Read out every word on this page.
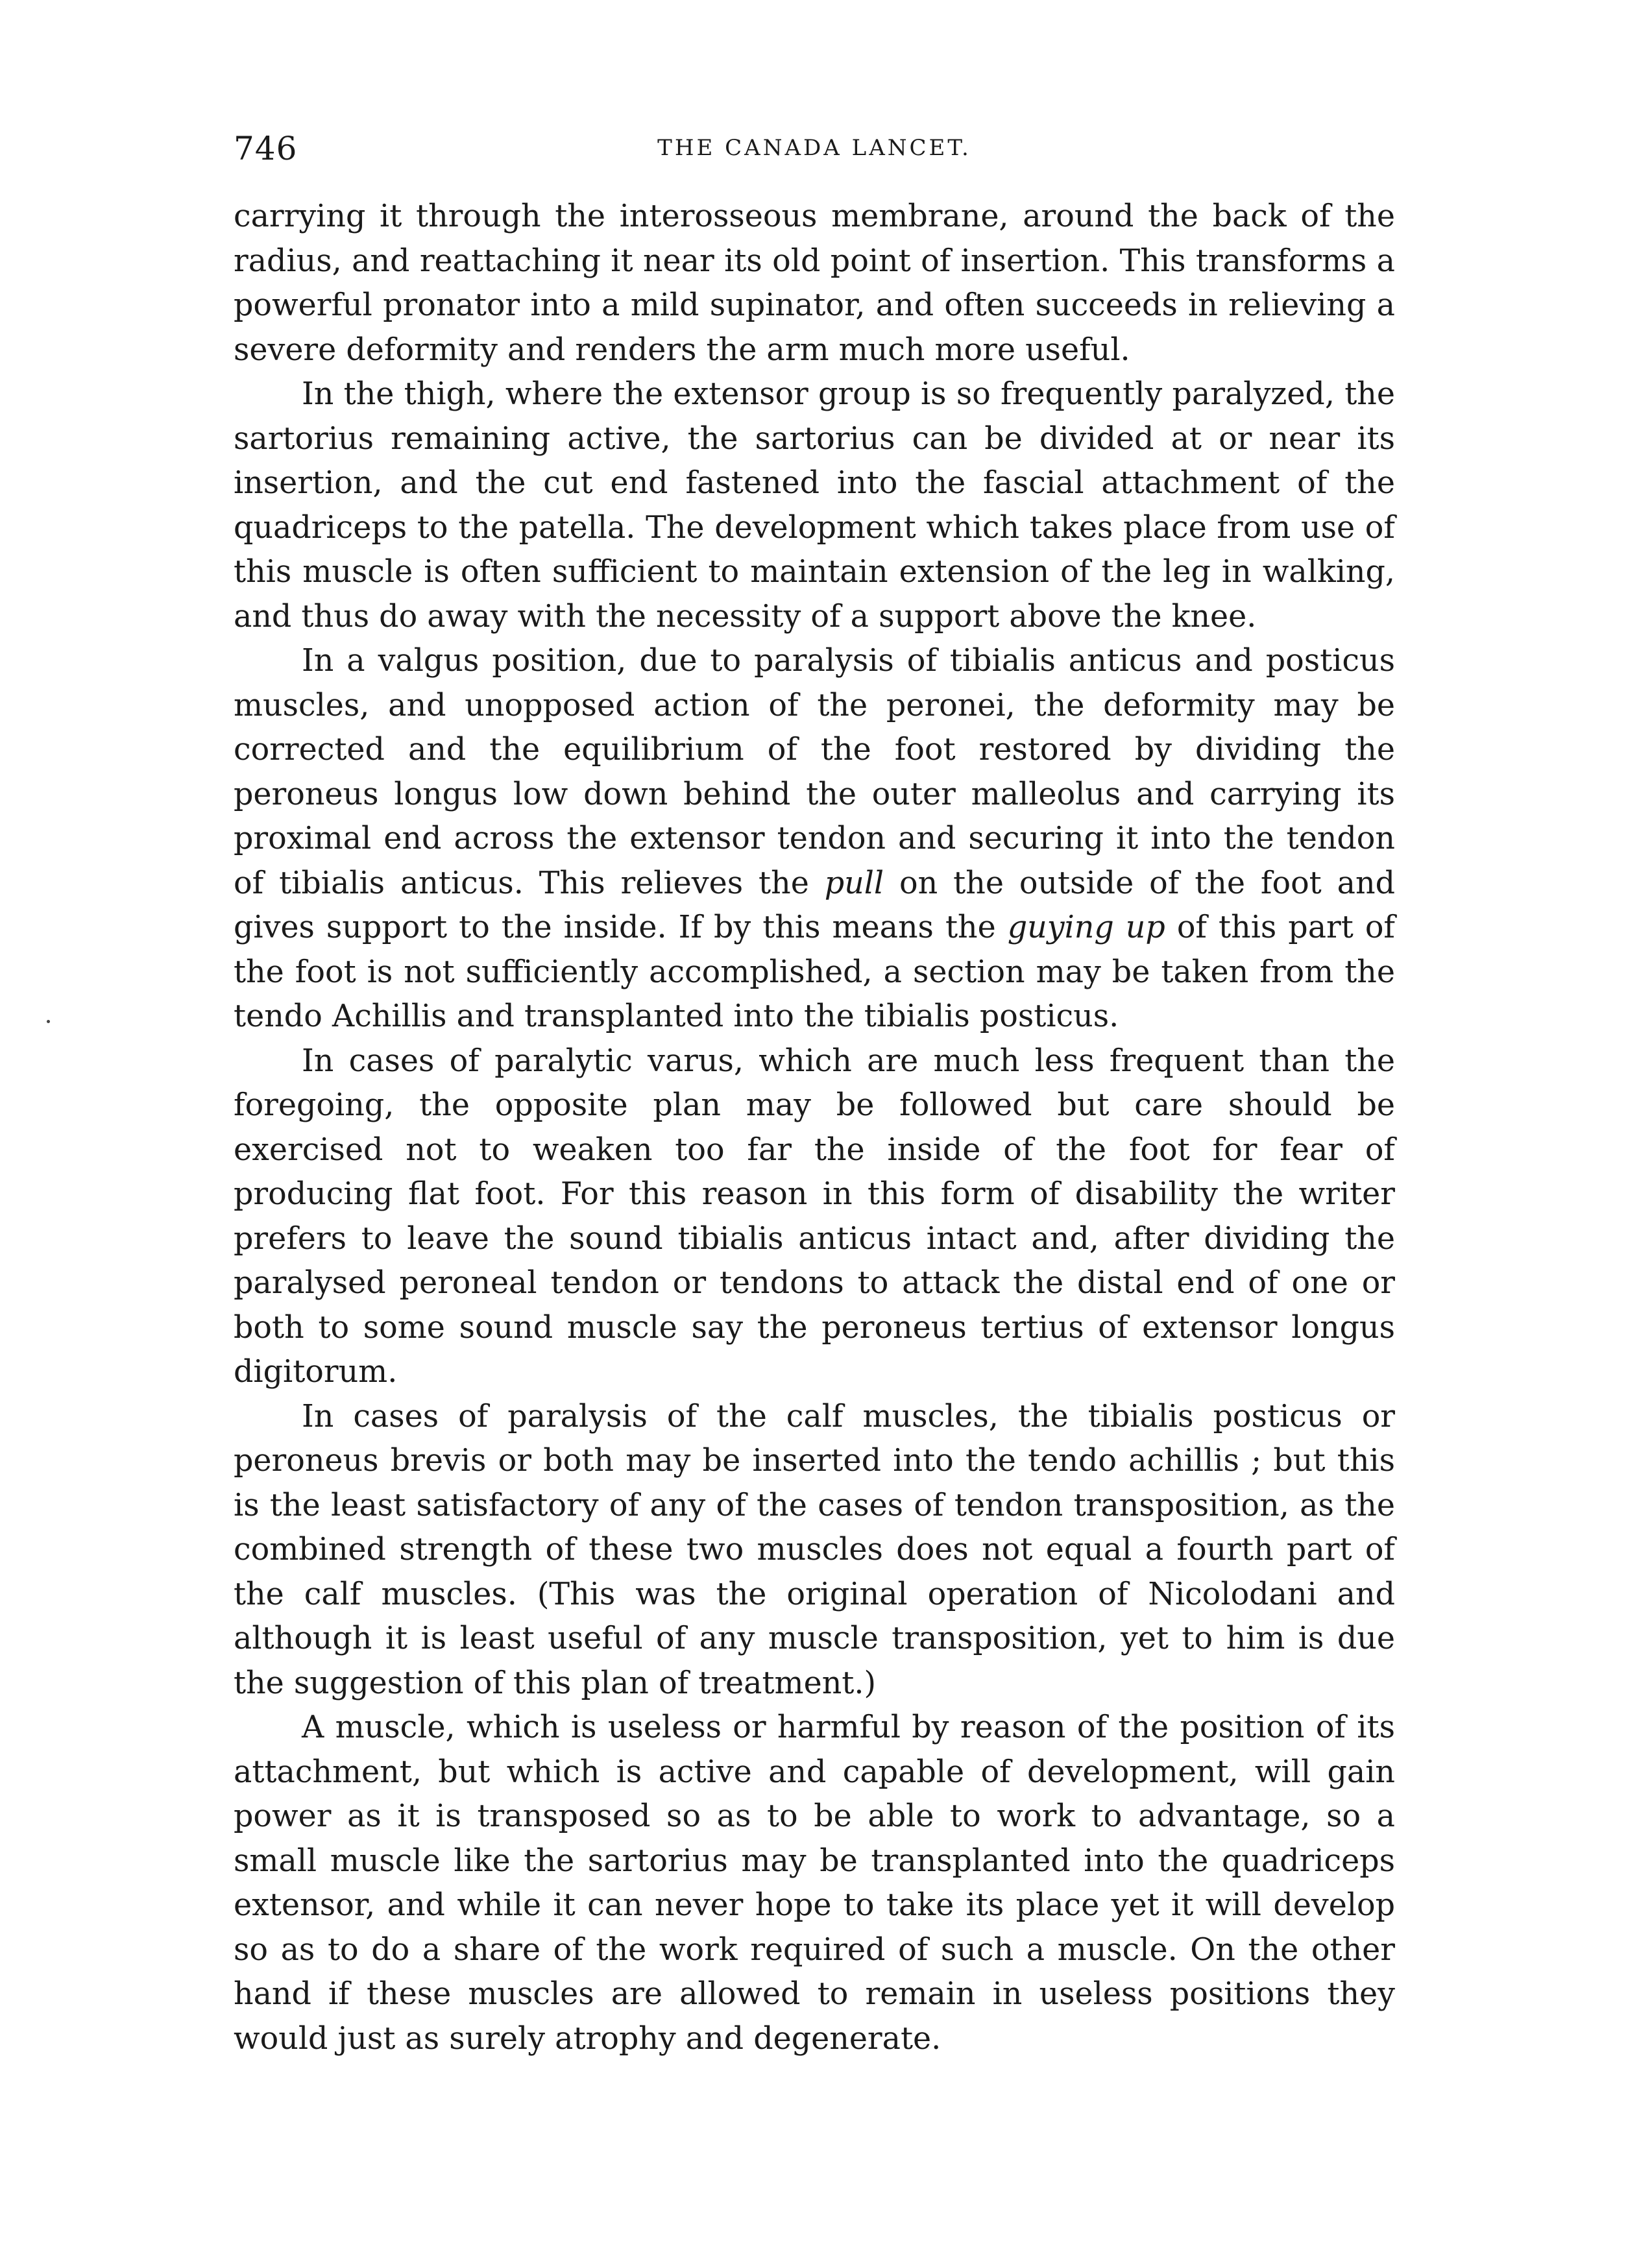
746	THE CANADA LANCET.

carrying it through the interosseous membrane, around the back of the radius, and reattaching it near its old point of insertion. This transforms a powerful pronator into a mild supinator, and often succeeds in relieving a severe deformity and renders the arm much more useful.

In the thigh, where the extensor group is so frequently paralyzed, the sartorius remaining active, the sartorius can be divided at or near its insertion, and the cut end fastened into the fascial attachment of the quadriceps to the patella. The development which takes place from use of this muscle is often sufficient to maintain extension of the leg in walking, and thus do away with the necessity of a support above the knee.

In a valgus position, due to paralysis of tibialis anticus and posticus muscles, and unopposed action of the peronei, the deformity may be corrected and the equilibrium of the foot restored by dividing the peroneus longus low down behind the outer malleolus and carrying its proximal end across the extensor tendon and securing it into the tendon of tibialis anticus. This relieves the pull on the outside of the foot and gives support to the inside. If by this means the guying up of this part of the foot is not sufficiently accomplished, a section may be taken from the tendo Achillis and transplanted into the tibialis posticus.

In cases of paralytic varus, which are much less frequent than the foregoing, the opposite plan may be followed but care should be exercised not to weaken too far the inside of the foot for fear of producing flat foot. For this reason in this form of disability the writer prefers to leave the sound tibialis anticus intact and, after dividing the paralysed peroneal tendon or tendons to attack the distal end of one or both to some sound muscle say the peroneus tertius of extensor longus digitorum.

In cases of paralysis of the calf muscles, the tibialis posticus or peroneus brevis or both may be inserted into the tendo achillis ; but this is the least satisfactory of any of the cases of tendon transposition, as the combined strength of these two muscles does not equal a fourth part of the calf muscles. (This was the original operation of Nicolodani and although it is least useful of any muscle transposition, yet to him is due the suggestion of this plan of treatment.)

A muscle, which is useless or harmful by reason of the position of its attachment, but which is active and capable of development, will gain power as it is transposed so as to be able to work to advantage, so a small muscle like the sartorius may be transplanted into the quadriceps extensor, and while it can never hope to take its place yet it will develop so as to do a share of the work required of such a muscle. On the other hand if these muscles are allowed to remain in useless positions they would just as surely atrophy and degenerate.
